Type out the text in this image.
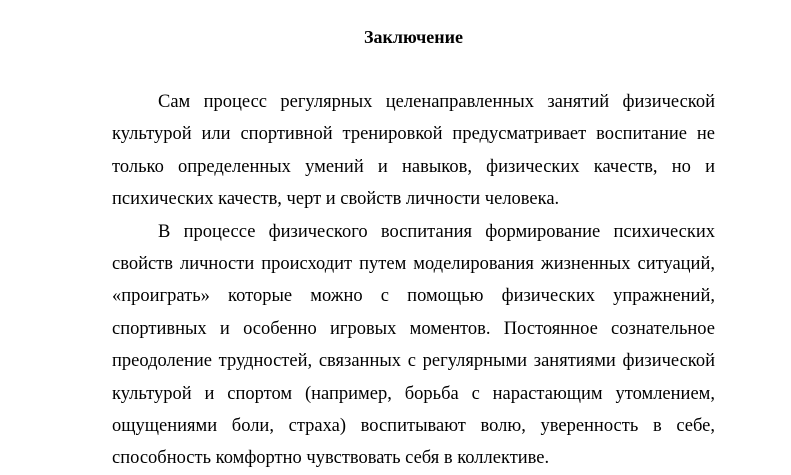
Заключение

Сам процесс регулярных целенаправленных занятий физической культурой или спортивной тренировкой предусматривает воспитание не только определенных умений и навыков, физических качеств, но и психических качеств, черт и свойств личности человека.

В процессе физического воспитания формирование психических свойств личности происходит путем моделирования жизненных ситуаций, «проиграть» которые можно с помощью физических упражнений, спортивных и особенно игровых моментов. Постоянное сознательное преодоление трудностей, связанных с регулярными занятиями физической культурой и спортом (например, борьба с нарастающим утомлением, ощущениями боли, страха) воспитывают волю, уверенность в себе, способность комфортно чувствовать себя в коллективе.
